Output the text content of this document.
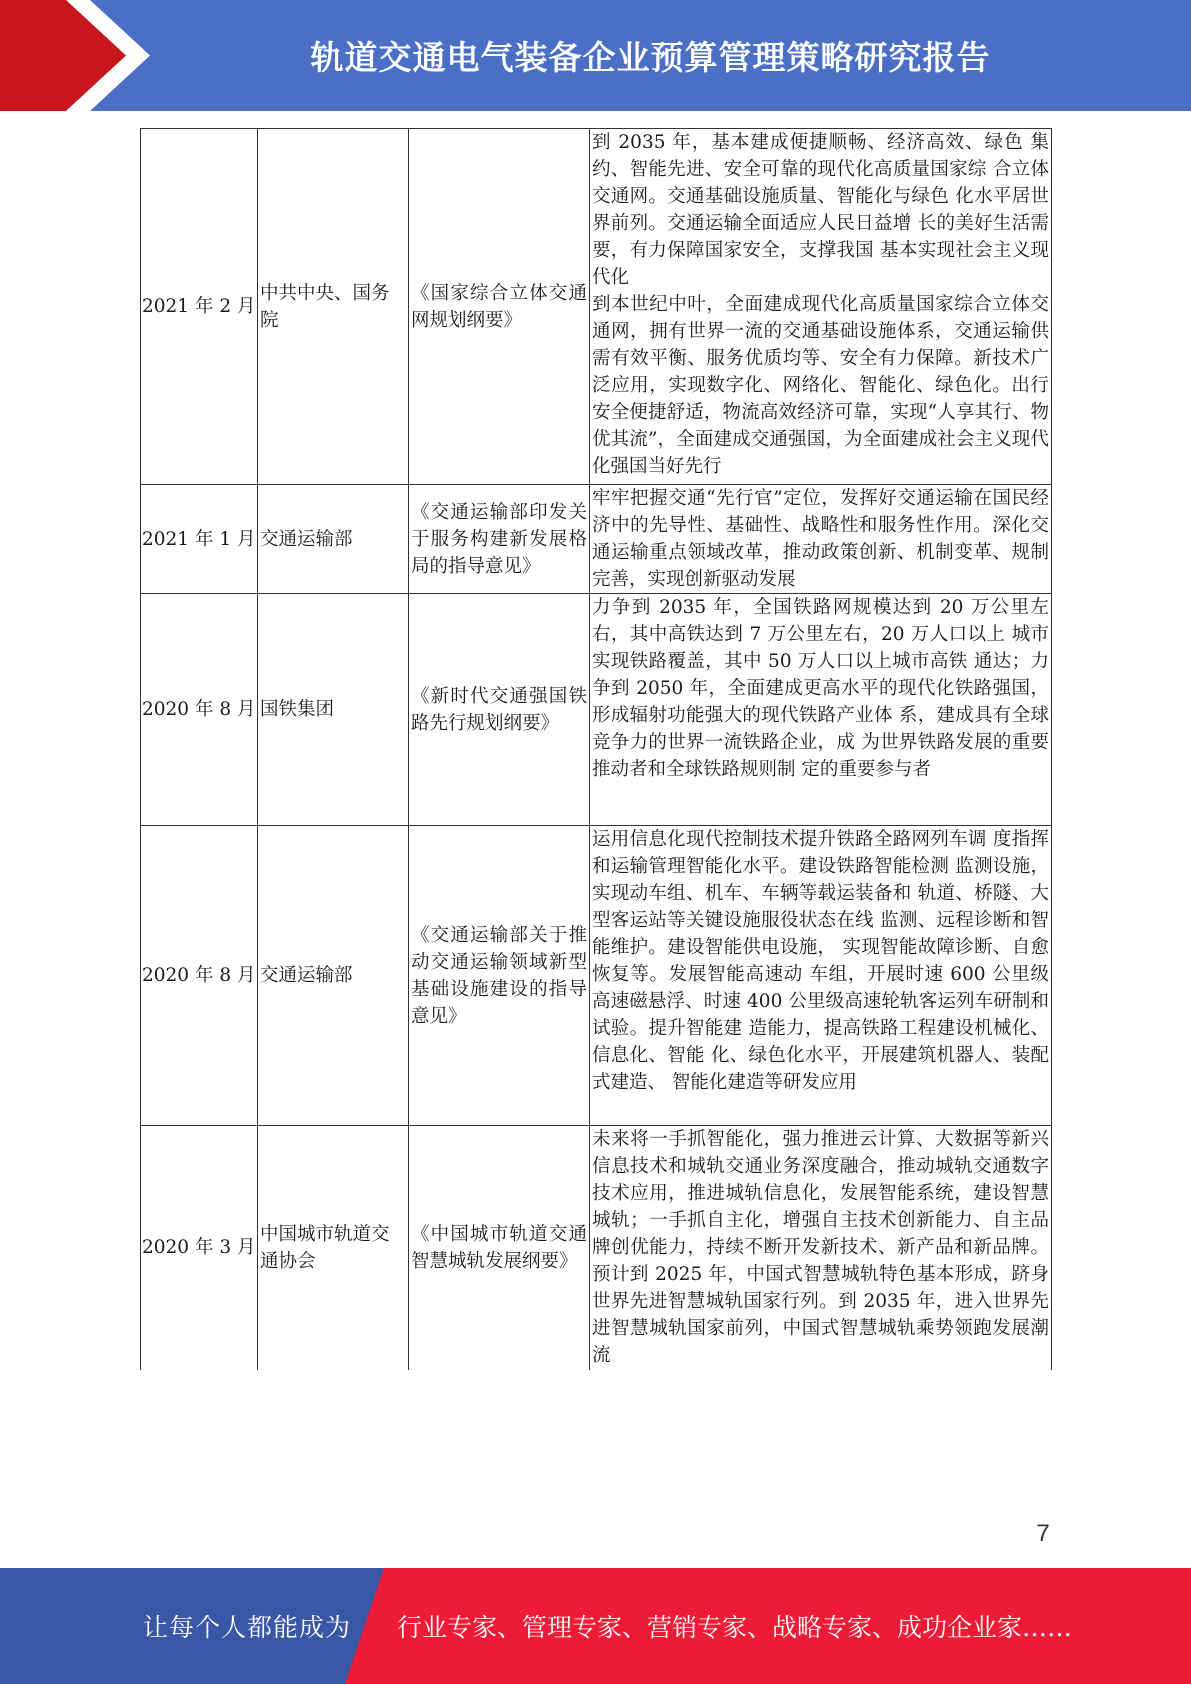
轨道交通电气装备企业预算管理策略研究报告
2021 年 2 月	中共中央、国务院	《国家综合立体交通网规划纲要》	到 2035 年，基本建成便捷顺畅、经济高效、绿色 集约、智能先进、安全可靠的现代化高质量国家综 合立体交通网。交通基础设施质量、智能化与绿色 化水平居世界前列。交通运输全面适应人民日益增 长的美好生活需要，有力保障国家安全，支撑我国 基本实现社会主义现代化

到本世纪中叶，全面建成现代化高质量国家综合立体交通网，拥有世界一流的交通基础设施体系，交通运输供需有效平衡、服务优质均等、安全有力保障。新技术广泛应用，实现数字化、网络化、智能化、绿色化。出行安全便捷舒适，物流高效经济可靠，实现“人享其行、物优其流”，全面建成交通强国，为全面建成社会主义现代化强国当好先行

2021 年 1 月	交通运输部	《交通运输部印发关于服务构建新发展格局的指导意见》	牢牢把握交通“先行官”定位，发挥好交通运输在国民经济中的先导性、基础性、战略性和服务性作用。深化交通运输重点领域改革，推动政策创新、机制变革、规制完善，实现创新驱动发展

2020 年 8 月	国铁集团	《新时代交通强国铁路先行规划纲要》	力争到 2035 年，全国铁路网规模达到 20 万公里左右，其中高铁达到 7 万公里左右，20 万人口以上 城市实现铁路覆盖，其中 50 万人口以上城市高铁 通达；力争到 2050 年，全面建成更高水平的现代化铁路强国，形成辐射功能强大的现代铁路产业体 系，建成具有全球竞争力的世界一流铁路企业，成 为世界铁路发展的重要推动者和全球铁路规则制 定的重要参与者

2020 年 8 月	交通运输部	《交通运输部关于推动交通运输领域新型基础设施建设的指导意见》	运用信息化现代控制技术提升铁路全路网列车调 度指挥和运输管理智能化水平。建设铁路智能检测 监测设施，实现动车组、机车、车辆等载运装备和 轨道、桥隧、大型客运站等关键设施服役状态在线 监测、远程诊断和智能维护。建设智能供电设施， 实现智能故障诊断、自愈恢复等。发展智能高速动 车组，开展时速 600 公里级高速磁悬浮、时速 400 公里级高速轮轨客运列车研制和试验。提升智能建 造能力，提高铁路工程建设机械化、信息化、智能 化、绿色化水平，开展建筑机器人、装配式建造、 智能化建造等研发应用

2020 年 3 月	中国城市轨道交通协会	《中国城市轨道交通智慧城轨发展纲要》	未来将一手抓智能化，强力推进云计算、大数据等新兴信息技术和城轨交通业务深度融合，推动城轨交通数字技术应用，推进城轨信息化，发展智能系统，建设智慧城轨；一手抓自主化，增强自主技术创新能力、自主品牌创优能力，持续不断开发新技术、新产品和新品牌。预计到 2025 年，中国式智慧城轨特色基本形成，跻身世界先进智慧城轨国家行列。到 2035 年，进入世界先进智慧城轨国家前列，中国式智慧城轨乘势领跑发展潮流

7
让每个人都能成为 行业专家、管理专家、营销专家、战略专家、成功企业家……
